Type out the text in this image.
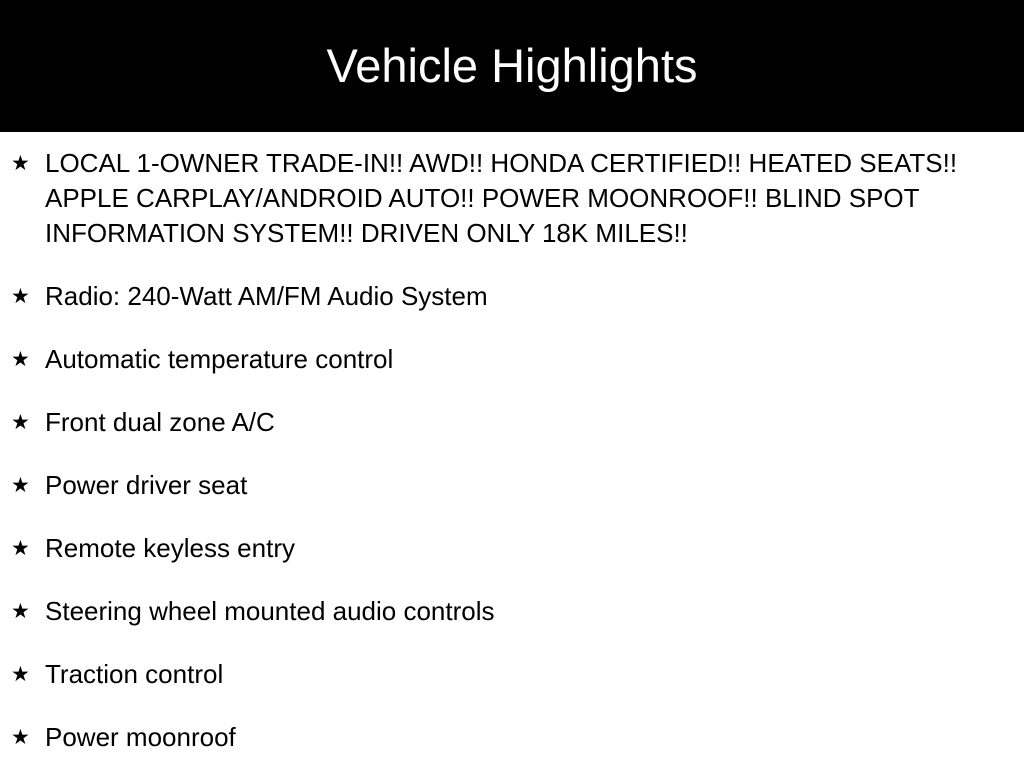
Vehicle Highlights
★ LOCAL 1-OWNER TRADE-IN!! AWD!! HONDA CERTIFIED!! HEATED SEATS!! APPLE CARPLAY/ANDROID AUTO!! POWER MOONROOF!! BLIND SPOT INFORMATION SYSTEM!! DRIVEN ONLY 18K MILES!!
★ Radio: 240-Watt AM/FM Audio System
★ Automatic temperature control
★ Front dual zone A/C
★ Power driver seat
★ Remote keyless entry
★ Steering wheel mounted audio controls
★ Traction control
★ Power moonroof
